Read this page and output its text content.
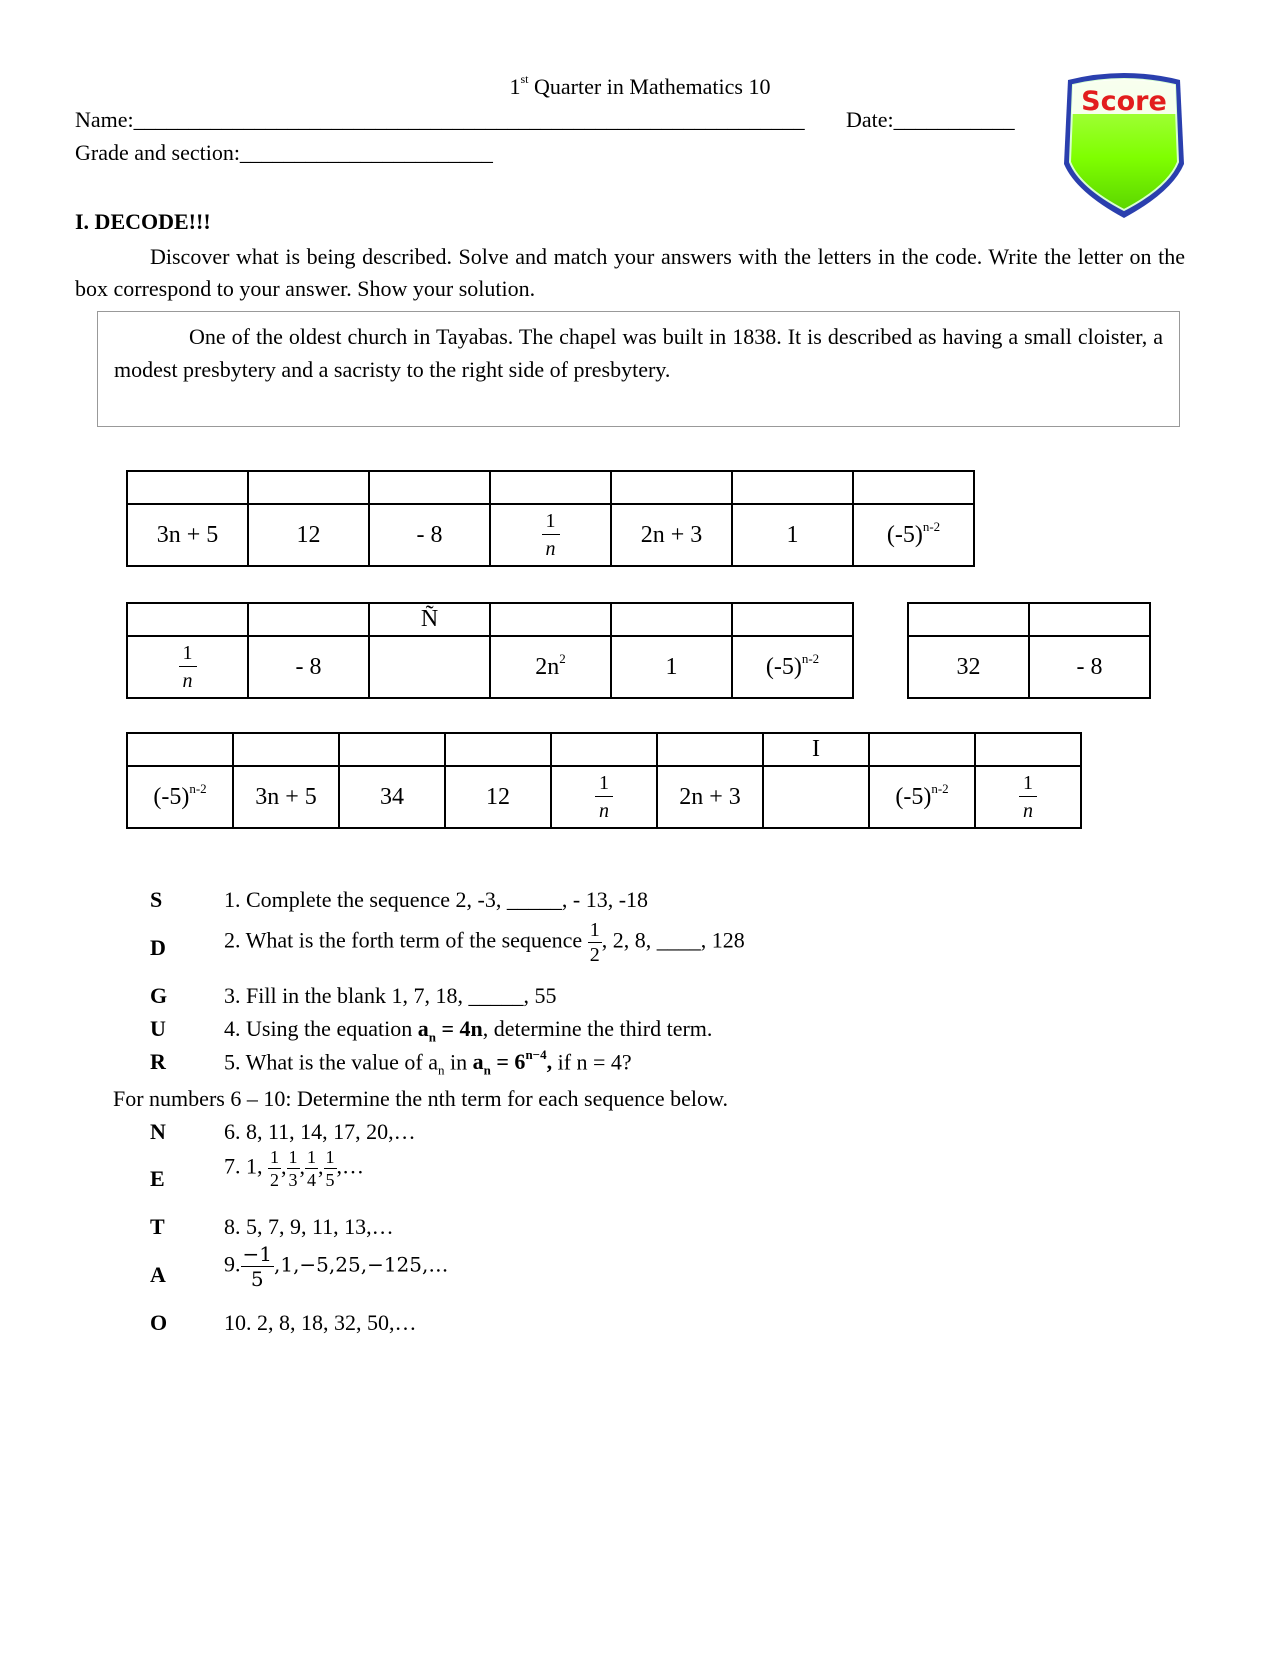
1st Quarter in Mathematics 10
Name:_____________________________________________________________ Date:___________
Grade and section:_______________________
Score
I. DECODE!!!
Discover what is being described. Solve and match your answers with the letters in the code. Write the letter on the box correspond to your answer. Show your solution.
One of the oldest church in Tayabas. The chapel was built in 1838. It is described as having a small cloister, a modest presbytery and a sacristy to the right side of presbytery.

3n + 5	12	- 8	$\frac{1}{n}$	2n + 3	1	$(-5)^{n-2}$
		Ñ			

$\frac{1}{n}$	- 8		$2n^2$	1	$(-5)^{n-2}$
		32	- 8
						I		
$(-5)^{n-2}$	3n + 5	34	12	$\frac{1}{n}$	2n + 3		$(-5)^{n-2}$	$\frac{1}{n}$
S	1. Complete the sequence 2, -3, _____, - 13, -18
D	2. What is the forth term of the sequence $\frac{1}{2}$ , 2, 8, ____, 128
G	3. Fill in the blank 1, 7, 18, _____, 55
U	4. Using the equation $a_n = 4n$, determine the third term.
R	5. What is the value of $a_n$ in $a_n = 6^{n-4}$, if n = 4?
For numbers 6 – 10: Determine the nth term for each sequence below.
N	6. 8, 11, 14, 17, 20,…
E	7. 1, $\frac{1}{2}$ , $\frac{1}{3}$ , $\frac{1}{4}$ , $\frac{1}{5}$ ,…
T	8. 5, 7, 9, 11, 13,…
A	9. $\frac{-1}{5}$ ,1,−5,25,−125,…
O	10. 2, 8, 18, 32, 50,…
